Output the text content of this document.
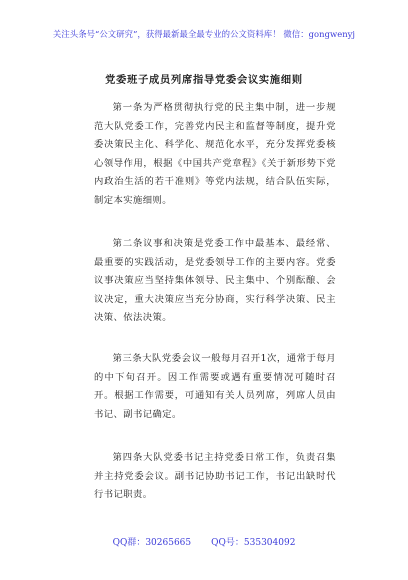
关注头条号“公文研究”，获得最新最全最专业的公文资料库！ 微信：gongwenyj
党委班子成员列席指导党委会议实施细则

第一条为严格贯彻执行党的民主集中制，进一步规范大队党委工作，完善党内民主和监督等制度，提升党委决策民主化、科学化、规范化水平，充分发挥党委核心领导作用，根据《中国共产党章程》《关于新形势下党内政治生活的若干准则》等党内法规，结合队伍实际，制定本实施细则。

第二条议事和决策是党委工作中最基本、最经常、最重要的实践活动，是党委领导工作的主要内容。党委议事决策应当坚持集体领导、民主集中、个别酝酿、会议决定，重大决策应当充分协商，实行科学决策、民主决策、依法决策。

第三条大队党委会议一般每月召开1次，通常于每月的中下旬召开。因工作需要或遇有重要情况可随时召开。根据工作需要，可通知有关人员列席，列席人员由书记、副书记确定。

第四条大队党委书记主持党委日常工作，负责召集并主持党委会议。副书记协助书记工作，书记出缺时代行书记职责。

QQ群：30265665 QQ号：535304092
